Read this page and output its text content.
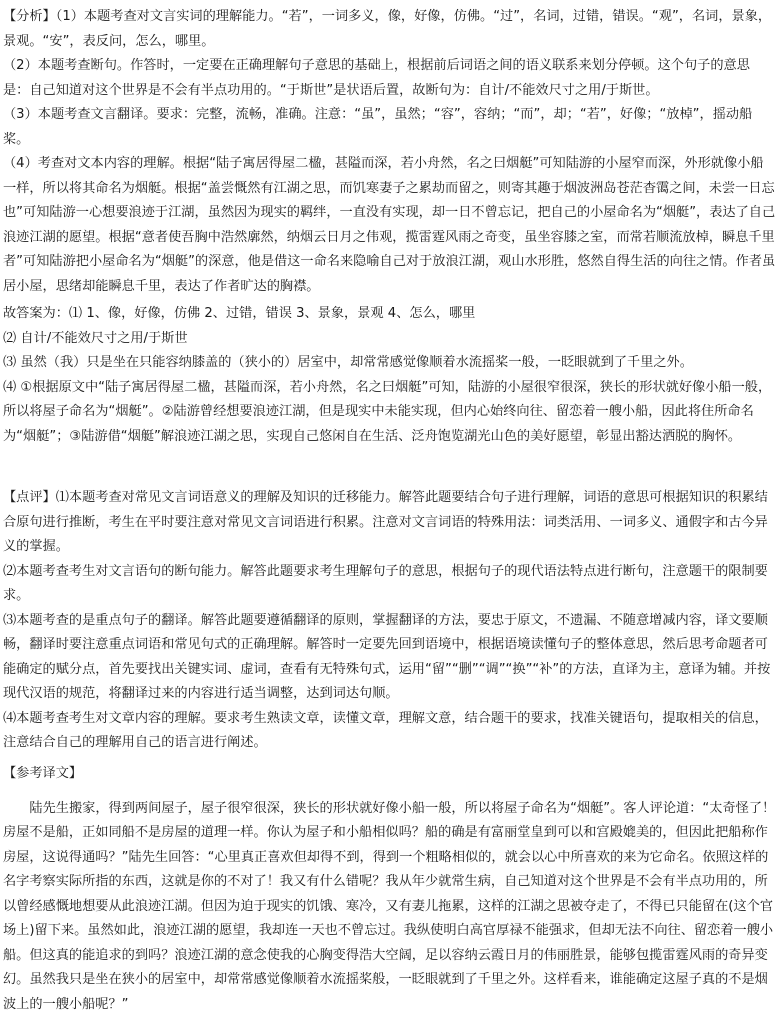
【分析】（1）本题考查对文言实词的理解能力。“若”，一词多义，像，好像，仿佛。“过”，名词，过错，错误。“观”，名词，景象，景观。“安”，表反问，怎么，哪里。

（2）本题考查断句。作答时，一定要在正确理解句子意思的基础上，根据前后词语之间的语义联系来划分停顿。这个句子的意思是：自己知道对这个世界是不会有半点功用的。“于斯世”是状语后置，故断句为：自计/不能效尺寸之用/于斯世。

（3）本题考查文言翻译。要求：完整，流畅，准确。注意：“虽”，虽然；“容”，容纳；“而”，却；“若”，好像；“放棹”，摇动船桨。

（4）考查对文本内容的理解。根据“陆子寓居得屋二楹，甚隘而深，若小舟然，名之曰烟艇”可知陆游的小屋窄而深，外形就像小船一样，所以将其命名为烟艇。根据“盖尝慨然有江湖之思，而饥寒妻子之累劫而留之，则寄其趣于烟波洲岛苍茫杳霭之间，未尝一日忘也”可知陆游一心想要浪迹于江湖，虽然因为现实的羁绊，一直没有实现，却一日不曾忘记，把自己的小屋命名为“烟艇”，表达了自己浪迹江湖的愿望。根据“意者使吾胸中浩然廓然，纳烟云日月之伟观，揽雷霆风雨之奇变，虽坐容膝之室，而常若顺流放棹，瞬息千里者”可知陆游把小屋命名为“烟艇”的深意，他是借这一命名来隐喻自己对于放浪江湖，观山水形胜，悠然自得生活的向往之情。作者虽居小屋，思绪却能瞬息千里，表达了作者旷达的胸襟。

故答案为：⑴ 1、像，好像，仿佛 2、过错，错误 3、景象，景观 4、怎么，哪里

⑵ 自计/不能效尺寸之用/于斯世

⑶ 虽然（我）只是坐在只能容纳膝盖的（狭小的）居室中，却常常感觉像顺着水流摇桨一般，一眨眼就到了千里之外。

⑷ ①根据原文中“陆子寓居得屋二楹，甚隘而深，若小舟然，名之曰烟艇”可知，陆游的小屋很窄很深，狭长的形状就好像小船一般，所以将屋子命名为“烟艇”。②陆游曾经想要浪迹江湖，但是现实中未能实现，但内心始终向往、留恋着一艘小船，因此将住所命名为“烟艇”；③陆游借“烟艇”解浪迹江湖之思，实现自己悠闲自在生活、泛舟饱览湖光山色的美好愿望，彰显出豁达洒脱的胸怀。

【点评】⑴本题考查对常见文言词语意义的理解及知识的迁移能力。解答此题要结合句子进行理解，词语的意思可根据知识的积累结合原句进行推断，考生在平时要注意对常见文言词语进行积累。注意对文言词语的特殊用法：词类活用、一词多义、通假字和古今异义的掌握。

⑵本题考查考生对文言语句的断句能力。解答此题要求考生理解句子的意思，根据句子的现代语法特点进行断句，注意题干的限制要求。

⑶本题考查的是重点句子的翻译。解答此题要遵循翻译的原则，掌握翻译的方法，要忠于原文，不遗漏、不随意增减内容，译文要顺畅，翻译时要注意重点词语和常见句式的正确理解。解答时一定要先回到语境中，根据语境读懂句子的整体意思，然后思考命题者可能确定的赋分点，首先要找出关键实词、虚词，查看有无特殊句式，运用“留”“删”“调”“换”“补”的方法，直译为主，意译为辅。并按现代汉语的规范，将翻译过来的内容进行适当调整，达到词达句顺。

⑷本题考查考生对文章内容的理解。要求考生熟读文章，读懂文章，理解文意，结合题干的要求，找准关键语句，提取相关的信息，注意结合自己的理解用自己的语言进行阐述。

【参考译文】

陆先生搬家，得到两间屋子，屋子很窄很深，狭长的形状就好像小船一般，所以将屋子命名为“烟艇”。客人评论道：“太奇怪了！房屋不是船，正如同船不是房屋的道理一样。你认为屋子和小船相似吗？船的确是有富丽堂皇到可以和宫殿媲美的，但因此把船称作房屋，这说得通吗？”陆先生回答：“心里真正喜欢但却得不到，得到一个粗略相似的，就会以心中所喜欢的来为它命名。依照这样的名字考察实际所指的东西，这就是你的不对了！我又有什么错呢？我从年少就常生病，自己知道对这个世界是不会有半点功用的，所以曾经感慨地想要从此浪迹江湖。但因为迫于现实的饥饿、寒冷，又有妻儿拖累，这样的江湖之思被夺走了，不得已只能留在(这个官场上)留下来。虽然如此，浪迹江湖的愿望，我却连一天也不曾忘过。我纵使明白高官厚禄不能强求，但却无法不向往、留恋着一艘小船。但这真的能追求的到吗？浪迹江湖的意念使我的心胸变得浩大空阔，足以容纳云霞日月的伟丽胜景，能够包揽雷霆风雨的奇异变幻。虽然我只是坐在狭小的居室中，却常常感觉像顺着水流摇桨般，一眨眼就到了千里之外。这样看来，谁能确定这屋子真的不是烟波上的一艘小船呢？”
